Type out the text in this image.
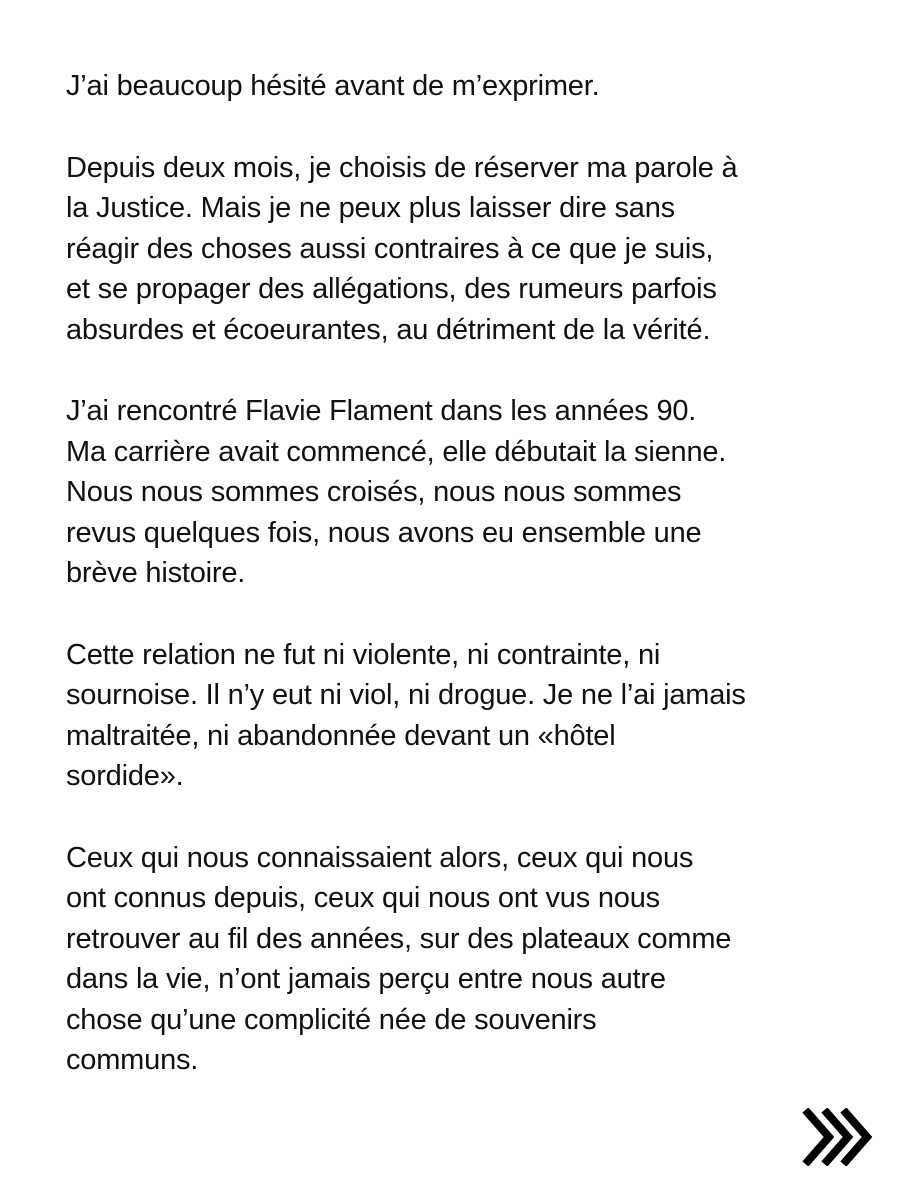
J’ai beaucoup hésité avant de m’exprimer.

Depuis deux mois, je choisis de réserver ma parole à
la Justice. Mais je ne peux plus laisser dire sans
réagir des choses aussi contraires à ce que je suis,
et se propager des allégations, des rumeurs parfois
absurdes et écoeurantes, au détriment de la vérité.

J’ai rencontré Flavie Flament dans les années 90.
Ma carrière avait commencé, elle débutait la sienne.
Nous nous sommes croisés, nous nous sommes
revus quelques fois, nous avons eu ensemble une
brève histoire.

Cette relation ne fut ni violente, ni contrainte, ni
sournoise. Il n’y eut ni viol, ni drogue. Je ne l’ai jamais
maltraitée, ni abandonnée devant un «hôtel
sordide».

Ceux qui nous connaissaient alors, ceux qui nous
ont connus depuis, ceux qui nous ont vus nous
retrouver au fil des années, sur des plateaux comme
dans la vie, n’ont jamais perçu entre nous autre
chose qu’une complicité née de souvenirs
communs.
